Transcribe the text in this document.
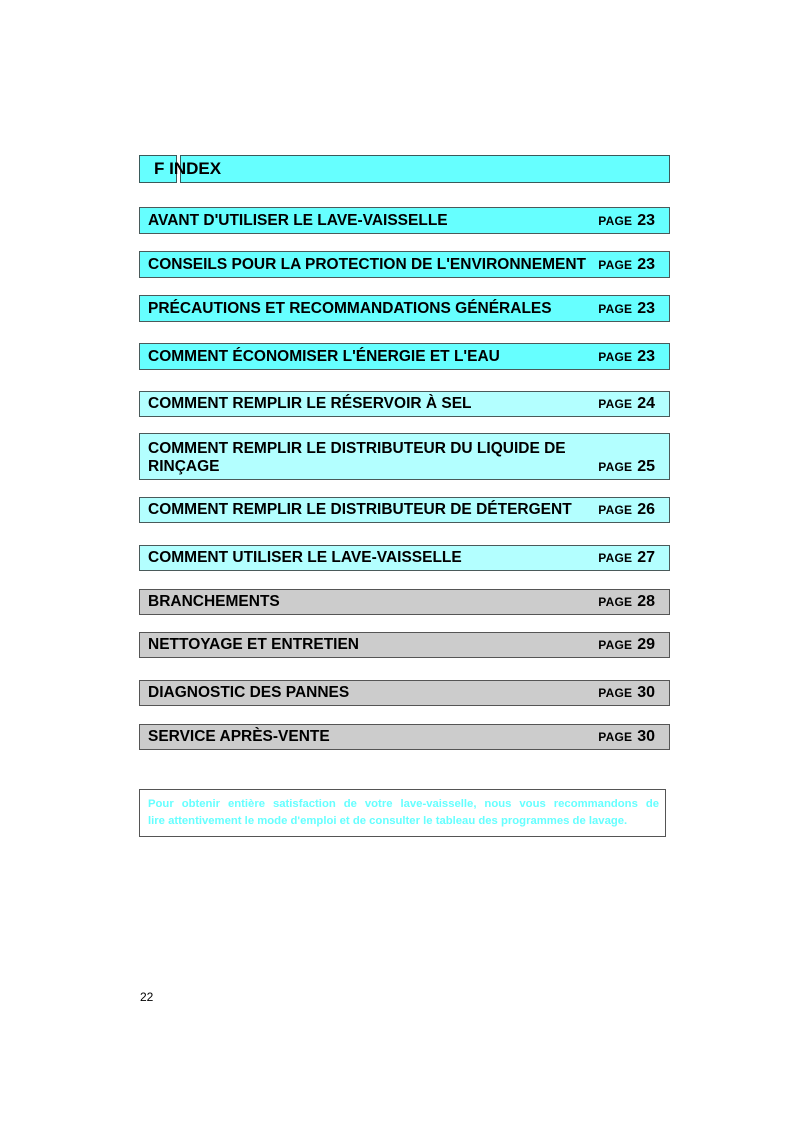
F INDEX
AVANT D'UTILISER LE LAVE-VAISSELLE	PAGE 23
CONSEILS POUR LA PROTECTION DE L'ENVIRONNEMENT PAGE 23
PRÉCAUTIONS ET RECOMMANDATIONS GÉNÉRALES	PAGE 23
COMMENT ÉCONOMISER L'ÉNERGIE ET L'EAU	PAGE 23
COMMENT REMPLIR LE RÉSERVOIR À SEL	PAGE 24
COMMENT REMPLIR LE DISTRIBUTEUR DU LIQUIDE DE RINÇAGE	PAGE 25
COMMENT REMPLIR LE DISTRIBUTEUR DE DÉTERGENT PAGE 26
COMMENT UTILISER LE LAVE-VAISSELLE	PAGE 27
BRANCHEMENTS	PAGE 28
NETTOYAGE ET ENTRETIEN	PAGE 29
DIAGNOSTIC DES PANNES	PAGE 30
SERVICE APRÈS-VENTE	PAGE 30

Pour obtenir entière satisfaction de votre lave-vaisselle, nous vous recommandons de

lire attentivement le mode d'emploi et de consulter le tableau des programmes de lavage.

22
